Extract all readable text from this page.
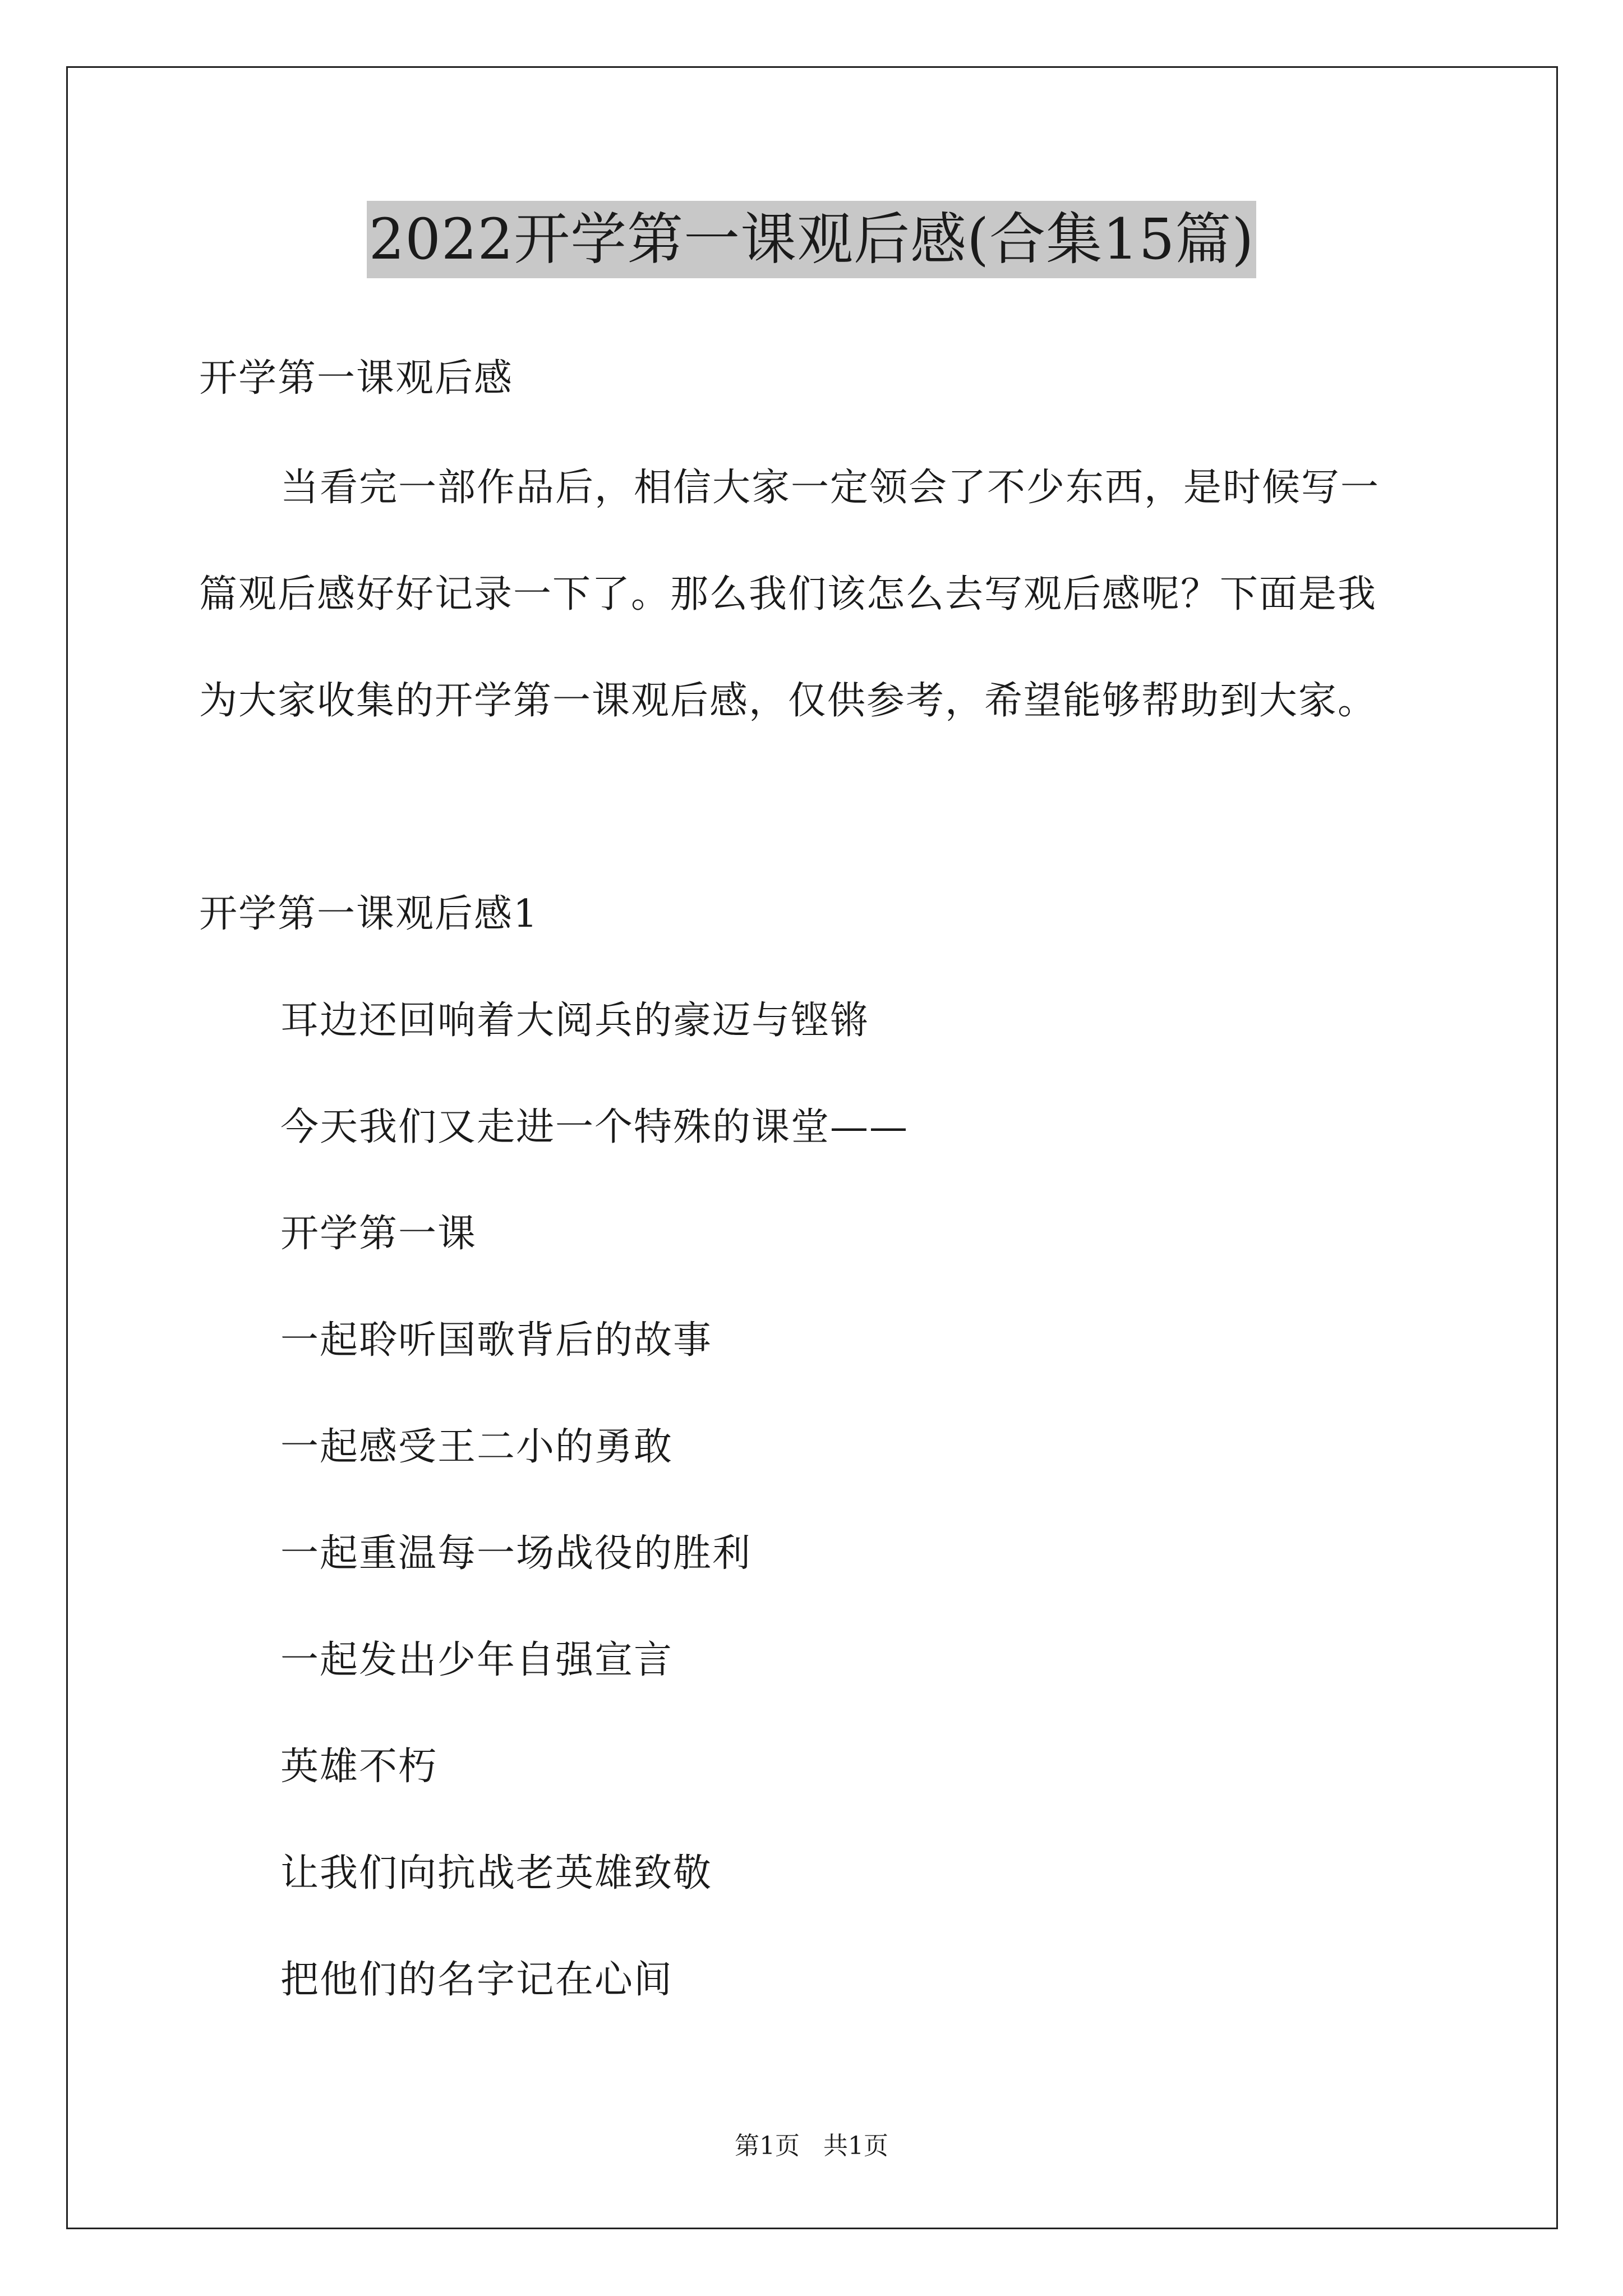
2022开学第一课观后感(合集15篇)
开学第一课观后感
当看完一部作品后，相信大家一定领会了不少东西，是时候写一
篇观后感好好记录一下了。那么我们该怎么去写观后感呢？下面是我
为大家收集的开学第一课观后感，仅供参考，希望能够帮助到大家。
开学第一课观后感1
耳边还回响着大阅兵的豪迈与铿锵
今天我们又走进一个特殊的课堂——
开学第一课
一起聆听国歌背后的故事
一起感受王二小的勇敢
一起重温每一场战役的胜利
一起发出少年自强宣言
英雄不朽
让我们向抗战老英雄致敬
把他们的名字记在心间
第1页   共1页
